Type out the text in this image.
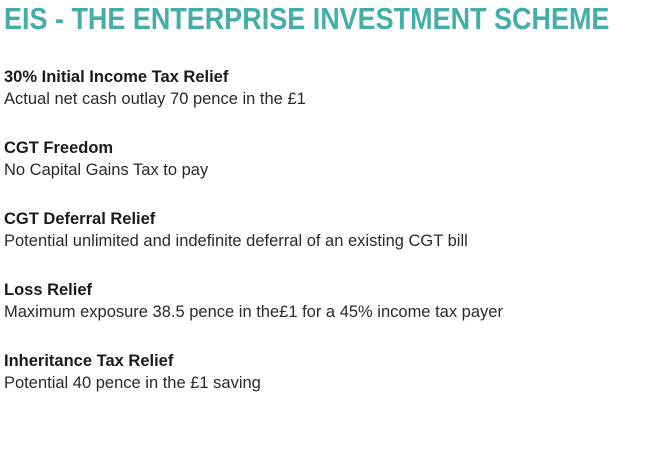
EIS - THE ENTERPRISE INVESTMENT SCHEME
30% Initial Income Tax Relief
Actual net cash outlay 70 pence in the £1
CGT Freedom
No Capital Gains Tax to pay
CGT Deferral Relief
Potential unlimited and indefinite deferral of an existing CGT bill
Loss Relief
Maximum exposure 38.5 pence in the£1 for a 45% income tax payer
Inheritance Tax Relief
Potential 40 pence in the £1 saving
